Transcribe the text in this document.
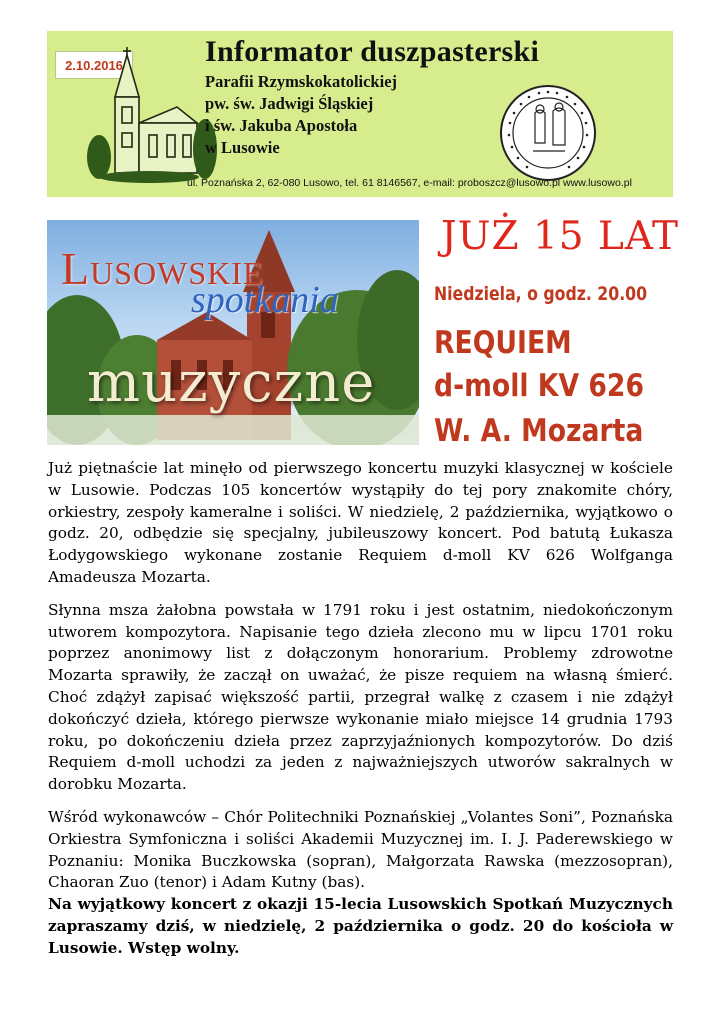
2.10.2016	Informator duszpasterski
Parafii Rzymskokatolickiej
pw. św. Jadwigi Śląskiej
i św. Jakuba Apostoła
w Lusowie
ul. Poznańska 2, 62-080 Lusowo, tel. 61 8146567, e-mail: proboszcz@lusowo.pl www.lusowo.pl
Lusowskie
spotkania
muzyczne
JUŻ 15 LAT
Niedziela, o godz. 20.00
REQUIEM
d-moll KV 626
W. A. Mozarta

Już piętnaście lat minęło od pierwszego koncertu muzyki klasycznej w kościele w Lusowie. Podczas 105 koncertów wystąpiły do tej pory znakomite chóry, orkiestry, zespoły kameralne i soliści. W niedzielę, 2 października, wyjątkowo o godz. 20, odbędzie się specjalny, jubileuszowy koncert. Pod batutą Łukasza Łodygowskiego wykonane zostanie Requiem d-moll KV 626 Wolfganga Amadeusza Mozarta.

Słynna msza żałobna powstała w 1791 roku i jest ostatnim, niedokończonym utworem kompozytora. Napisanie tego dzieła zlecono mu w lipcu 1701 roku poprzez anonimowy list z dołączonym honorarium. Problemy zdrowotne Mozarta sprawiły, że zaczął on uważać, że pisze requiem na własną śmierć. Choć zdążył zapisać większość partii, przegrał walkę z czasem i nie zdążył dokończyć dzieła, którego pierwsze wykonanie miało miejsce 14 grudnia 1793 roku, po dokończeniu dzieła przez zaprzyjaźnionych kompozytorów. Do dziś Requiem d-moll uchodzi za jeden z najważniejszych utworów sakralnych w dorobku Mozarta.

Wśród wykonawców – Chór Politechniki Poznańskiej „Volantes Soni”, Poznańska Orkiestra Symfoniczna i soliści Akademii Muzycznej im. I. J. Paderewskiego w Poznaniu: Monika Buczkowska (sopran), Małgorzata Rawska (mezzosopran), Chaoran Zuo (tenor) i Adam Kutny (bas).

Na wyjątkowy koncert z okazji 15-lecia Lusowskich Spotkań Muzycznych zapraszamy dziś, w niedzielę, 2 października o godz. 20 do kościoła w Lusowie. Wstęp wolny.
